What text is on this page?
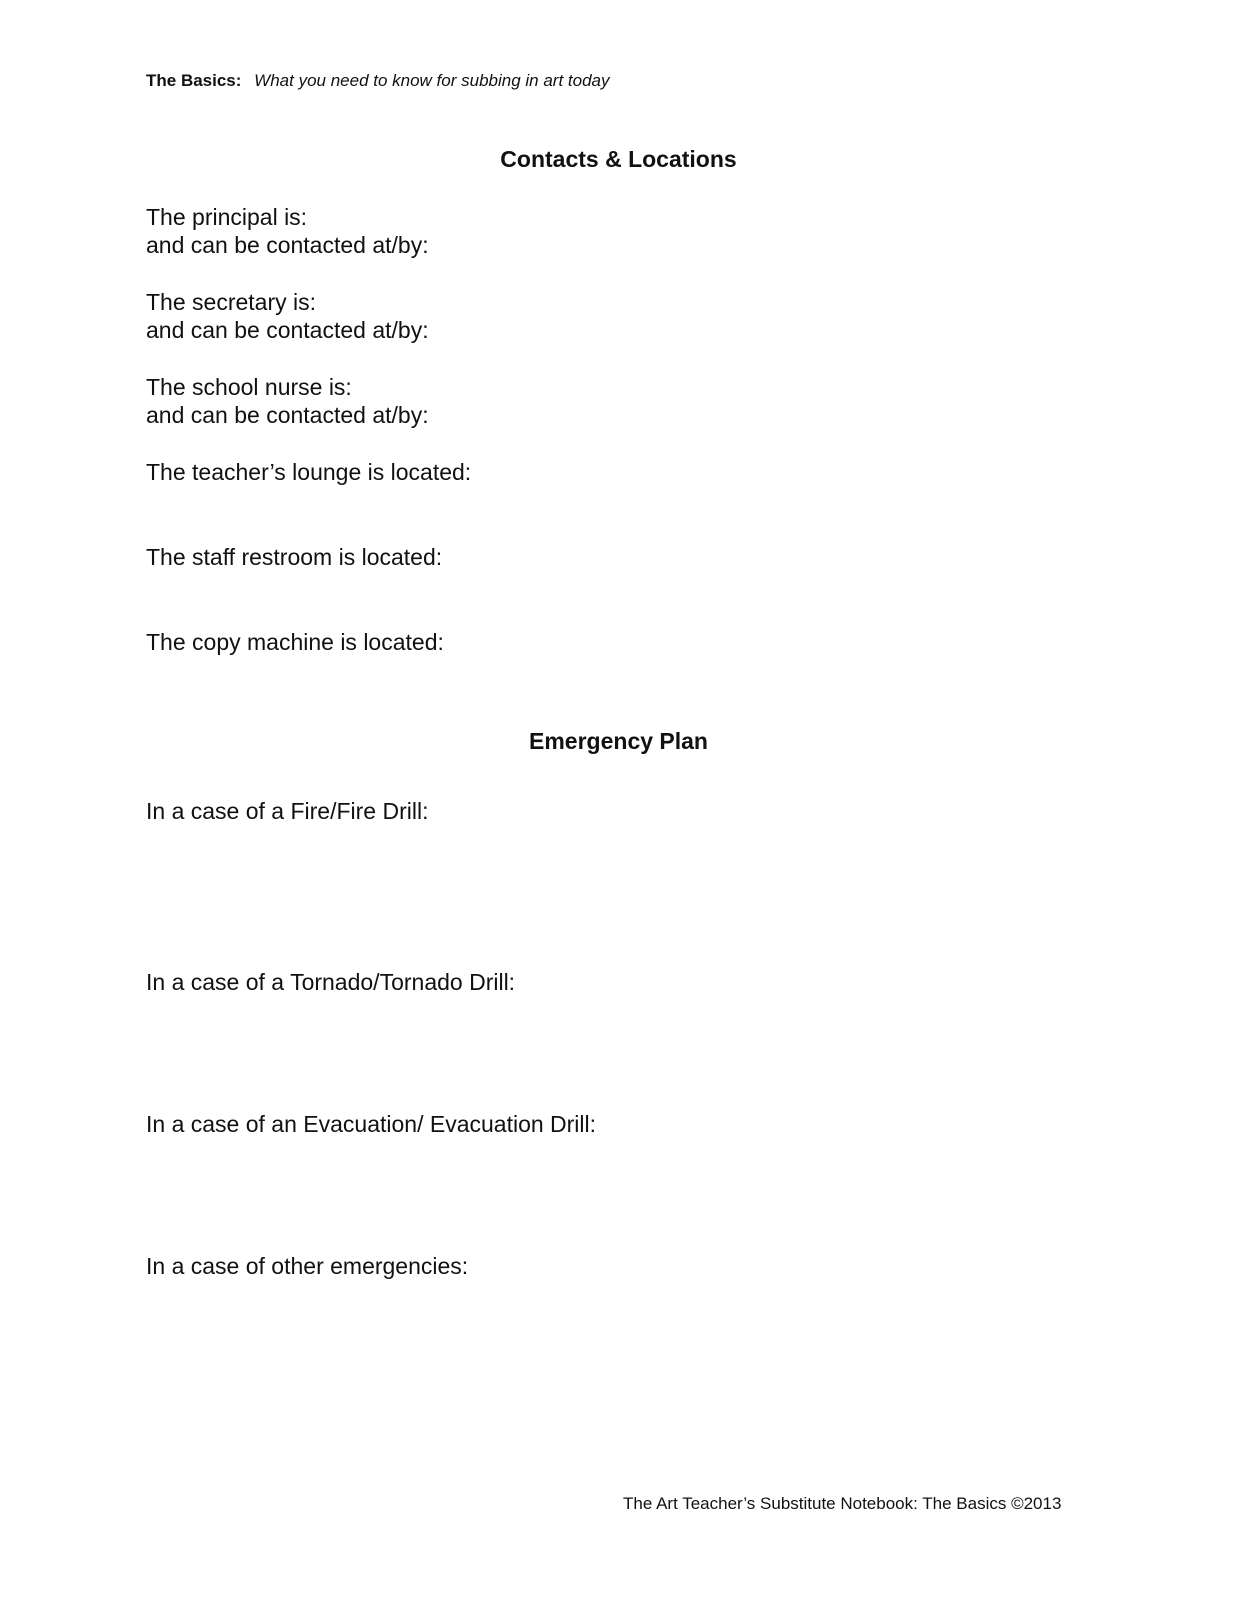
The Basics: What you need to know for subbing in art today
Contacts & Locations
The principal is:
and can be contacted at/by:
The secretary is:
and can be contacted at/by:
The school nurse is:
and can be contacted at/by:
The teacher’s lounge is located:
The staff restroom is located:
The copy machine is located:
Emergency Plan
In a case of a Fire/Fire Drill:
In a case of a Tornado/Tornado Drill:
In a case of an Evacuation/ Evacuation Drill:
In a case of other emergencies:
The Art Teacher’s Substitute Notebook: The Basics ©2013
